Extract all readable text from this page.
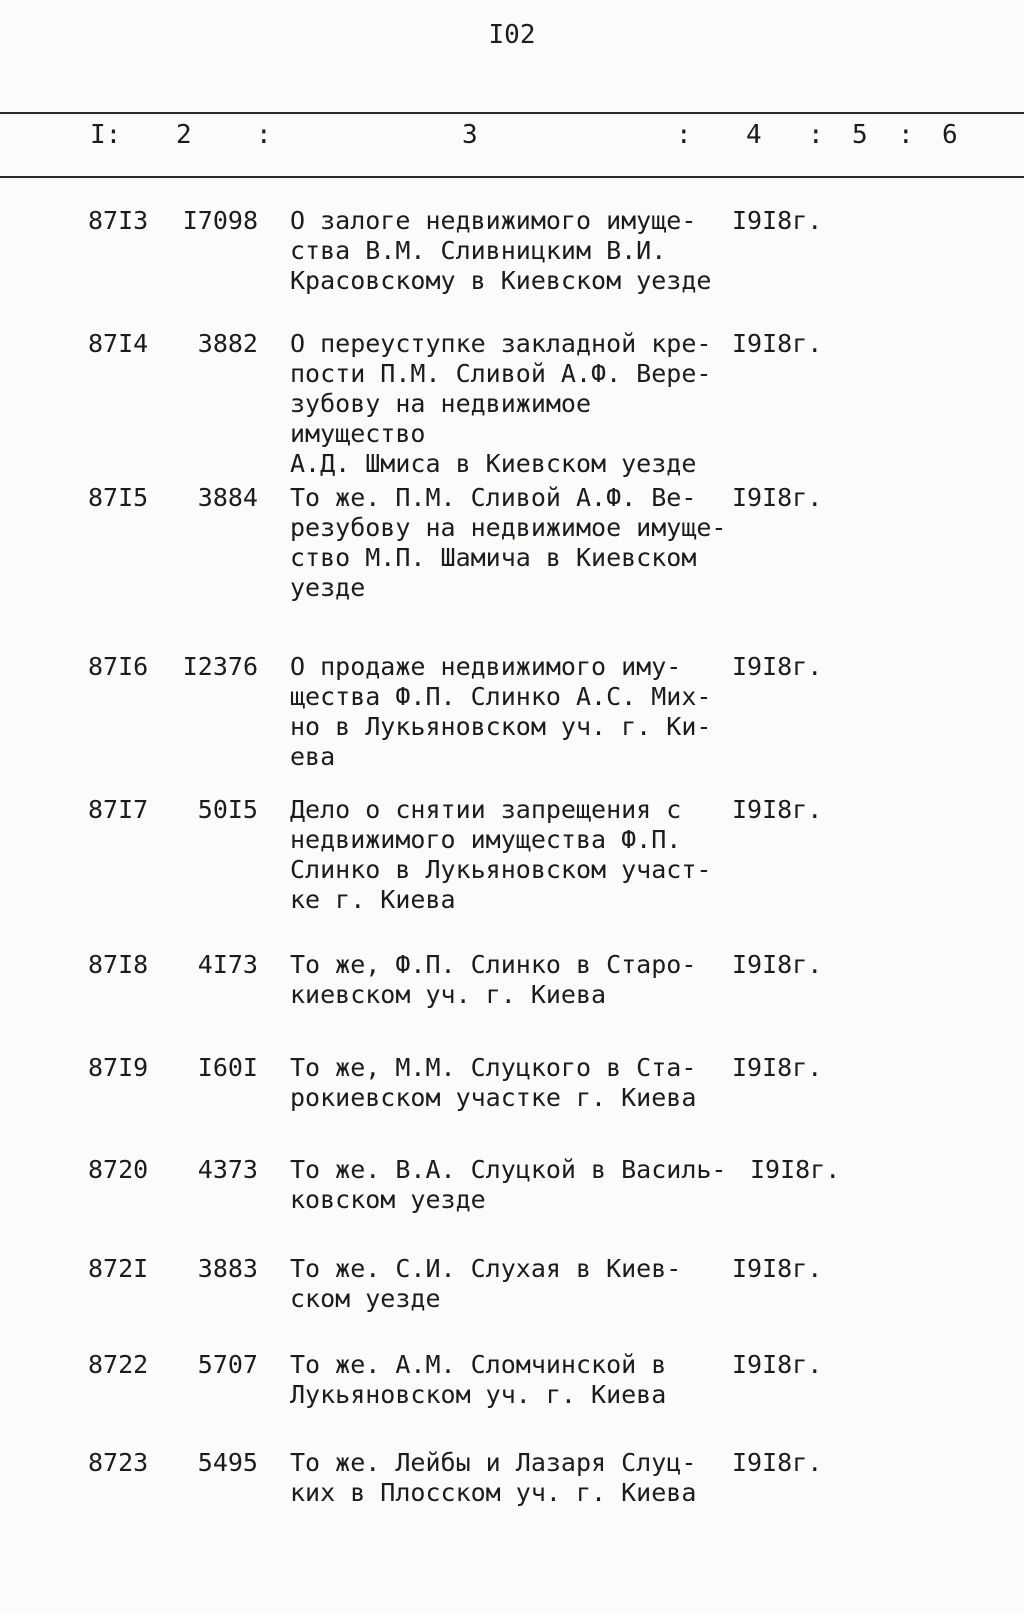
I02
I: 2 :	3	: 4 : 5 : 6
87I3	I7098 О залоге недвижимого имуще-
ства В.М. Сливницким В.И.
Красовскому в Киевском уезде
I9I8г.
87I4	3882 О переуступке закладной кре-
пости П.М. Сливой А.Ф. Вере-
зубову на недвижимое имущество
А.Д. Шмиса в Киевском уезде
I9I8г.
87I5	3884 То же. П.М. Сливой А.Ф. Ве-
резубову на недвижимое имуще-
ство М.П. Шамича в Киевском
уезде
I9I8г.
87I6	I2376 О продаже недвижимого иму-
щества Ф.П. Слинко А.С. Мих-
но в Лукьяновском уч. г. Ки-
ева
I9I8г.
87I7	50I5 Дело о снятии запрещения с
недвижимого имущества Ф.П.
Слинко в Лукьяновском участ-
ке г. Киева
I9I8г.
87I8	4I73 То же, Ф.П. Слинко в Старо-
киевском уч. г. Киева
I9I8г.
87I9	I60I То же, М.М. Слуцкого в Ста-
рокиевском участке г. Киева
I9I8г.
8720	4373 То же. В.А. Слуцкой в Василь-
ковском уезде
I9I8г.
872I	3883 То же. С.И. Слухая в Киев-
ском уезде
I9I8г.
8722	5707 То же. А.М. Сломчинской в
Лукьяновском уч. г. Киева
I9I8г.
8723	5495 То же. Лейбы и Лазаря Слуц-
ких в Плосском уч. г. Киева
I9I8г.
